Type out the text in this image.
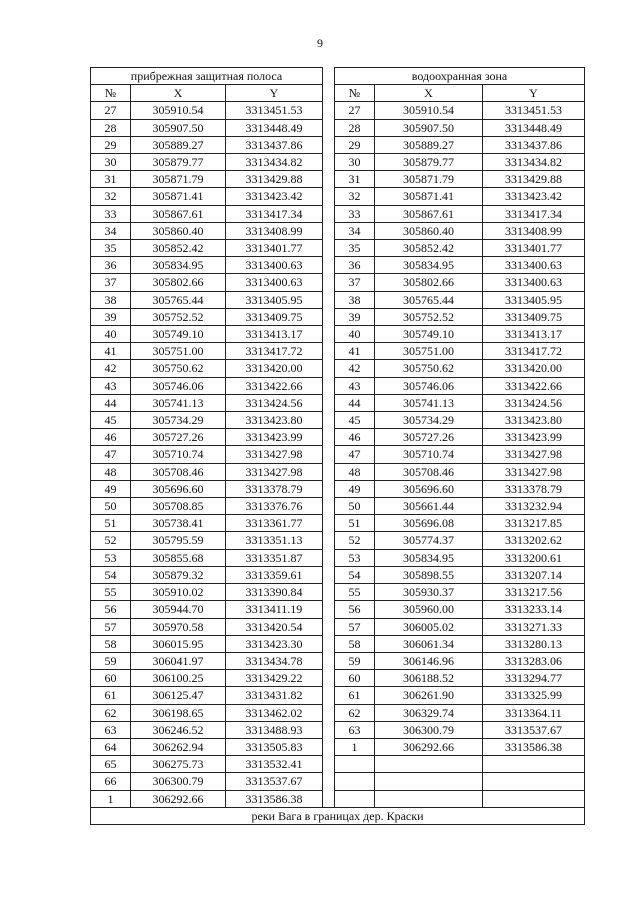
9
прибрежная защитная полоса				водоохранная зона		
№	X	Y		№	X	Y
27	305910.54	3313451.53		27	305910.54	3313451.53
28	305907.50	3313448.49		28	305907.50	3313448.49
29	305889.27	3313437.86		29	305889.27	3313437.86
30	305879.77	3313434.82		30	305879.77	3313434.82
31	305871.79	3313429.88		31	305871.79	3313429.88
32	305871.41	3313423.42		32	305871.41	3313423.42
33	305867.61	3313417.34		33	305867.61	3313417.34
34	305860.40	3313408.99		34	305860.40	3313408.99
35	305852.42	3313401.77		35	305852.42	3313401.77
36	305834.95	3313400.63		36	305834.95	3313400.63
37	305802.66	3313400.63		37	305802.66	3313400.63
38	305765.44	3313405.95		38	305765.44	3313405.95
39	305752.52	3313409.75		39	305752.52	3313409.75
40	305749.10	3313413.17		40	305749.10	3313413.17
41	305751.00	3313417.72		41	305751.00	3313417.72
42	305750.62	3313420.00		42	305750.62	3313420.00
43	305746.06	3313422.66		43	305746.06	3313422.66
44	305741.13	3313424.56		44	305741.13	3313424.56
45	305734.29	3313423.80		45	305734.29	3313423.80
46	305727.26	3313423.99		46	305727.26	3313423.99
47	305710.74	3313427.98		47	305710.74	3313427.98
48	305708.46	3313427.98		48	305708.46	3313427.98
49	305696.60	3313378.79		49	305696.60	3313378.79
50	305708.85	3313376.76		50	305661.44	3313232.94
51	305738.41	3313361.77		51	305696.08	3313217.85
52	305795.59	3313351.13		52	305774.37	3313202.62
53	305855.68	3313351.87		53	305834.95	3313200.61
54	305879.32	3313359.61		54	305898.55	3313207.14
55	305910.02	3313390.84		55	305930.37	3313217.56
56	305944.70	3313411.19		56	305960.00	3313233.14
57	305970.58	3313420.54		57	306005.02	3313271.33
58	306015.95	3313423.30		58	306061.34	3313280.13
59	306041.97	3313434.78		59	306146.96	3313283.06
60	306100.25	3313429.22		60	306188.52	3313294.77
61	306125.47	3313431.82		61	306261.90	3313325.99
62	306198.65	3313462.02		62	306329.74	3313364.11
63	306246.52	3313488.93		63	306300.79	3313537.67
64	306262.94	3313505.83		1	306292.66	3313586.38
65	306275.73	3313532.41				
66	306300.79	3313537.67				
1	306292.66	3313586.38				
реки Вага в границах дер. Краски						
